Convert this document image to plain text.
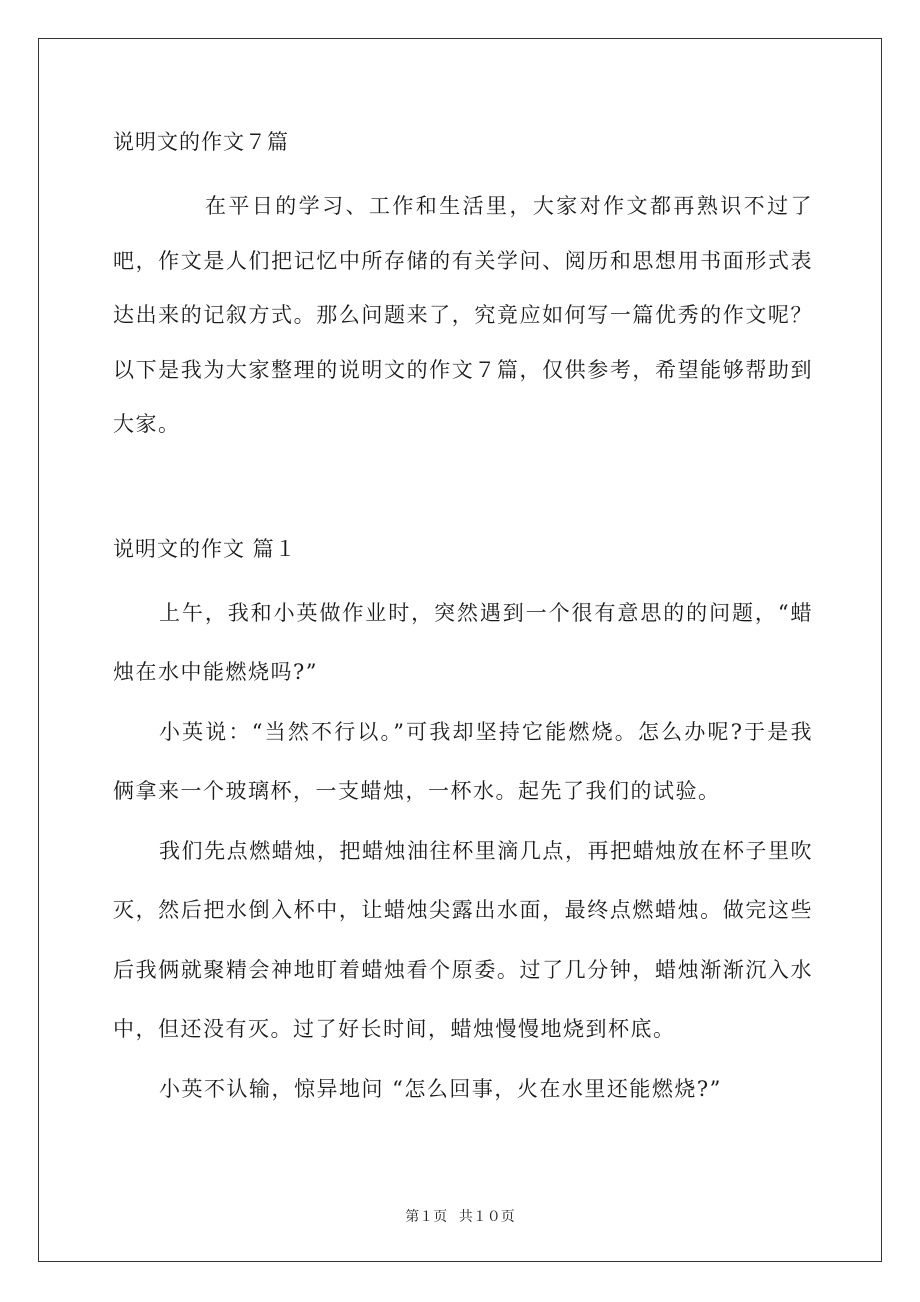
说明文的作文７篇

在平日的学习、工作和生活里，大家对作文都再熟识不过了吧，作文是人们把记忆中所存储的有关学问、阅历和思想用书面形式表达出来的记叙方式。那么问题来了，究竟应如何写一篇优秀的作文呢？以下是我为大家整理的说明文的作文７篇，仅供参考，希望能够帮助到大家。

说明文的作文 篇１

上午，我和小英做作业时，突然遇到一个很有意思的的问题，“蜡烛在水中能燃烧吗?”

小英说：“当然不行以。”可我却坚持它能燃烧。怎么办呢?于是我俩拿来一个玻璃杯，一支蜡烛，一杯水。起先了我们的试验。

我们先点燃蜡烛，把蜡烛油往杯里滴几点，再把蜡烛放在杯子里吹灭，然后把水倒入杯中，让蜡烛尖露出水面，最终点燃蜡烛。做完这些后我俩就聚精会神地盯着蜡烛看个原委。过了几分钟，蜡烛渐渐沉入水中，但还没有灭。过了好长时间，蜡烛慢慢地烧到杯底。

小英不认输，惊异地问 “怎么回事，火在水里还能燃烧?”

第１页 共１０页
